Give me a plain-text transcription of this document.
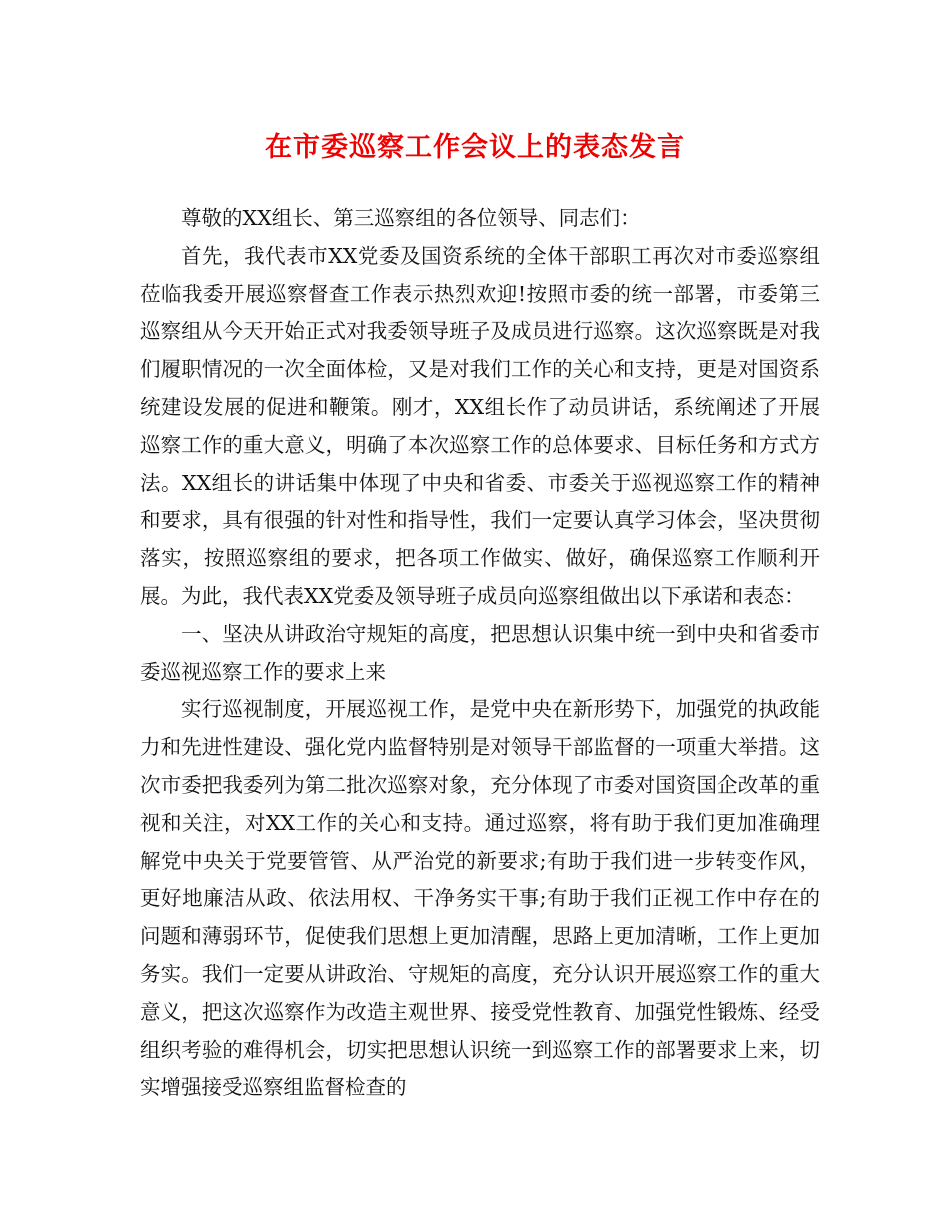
在市委巡察工作会议上的表态发言

尊敬的XX组长、第三巡察组的各位领导、同志们：

首先，我代表市XX党委及国资系统的全体干部职工再次对市委巡察组莅临我委开展巡察督查工作表示热烈欢迎!按照市委的统一部署，市委第三巡察组从今天开始正式对我委领导班子及成员进行巡察。这次巡察既是对我们履职情况的一次全面体检，又是对我们工作的关心和支持，更是对国资系统建设发展的促进和鞭策。刚才，XX组长作了动员讲话，系统阐述了开展巡察工作的重大意义，明确了本次巡察工作的总体要求、目标任务和方式方法。XX组长的讲话集中体现了中央和省委、市委关于巡视巡察工作的精神和要求，具有很强的针对性和指导性，我们一定要认真学习体会，坚决贯彻落实，按照巡察组的要求，把各项工作做实、做好，确保巡察工作顺利开展。为此，我代表XX党委及领导班子成员向巡察组做出以下承诺和表态：

一、坚决从讲政治守规矩的高度，把思想认识集中统一到中央和省委市委巡视巡察工作的要求上来

实行巡视制度，开展巡视工作，是党中央在新形势下，加强党的执政能力和先进性建设、强化党内监督特别是对领导干部监督的一项重大举措。这次市委把我委列为第二批次巡察对象，充分体现了市委对国资国企改革的重视和关注，对XX工作的关心和支持。通过巡察，将有助于我们更加准确理解党中央关于党要管管、从严治党的新要求;有助于我们进一步转变作风，更好地廉洁从政、依法用权、干净务实干事;有助于我们正视工作中存在的问题和薄弱环节，促使我们思想上更加清醒，思路上更加清晰，工作上更加务实。我们一定要从讲政治、守规矩的高度，充分认识开展巡察工作的重大意义，把这次巡察作为改造主观世界、接受党性教育、加强党性锻炼、经受组织考验的难得机会，切实把思想认识统一到巡察工作的部署要求上来，切实增强接受巡察组监督检查的
